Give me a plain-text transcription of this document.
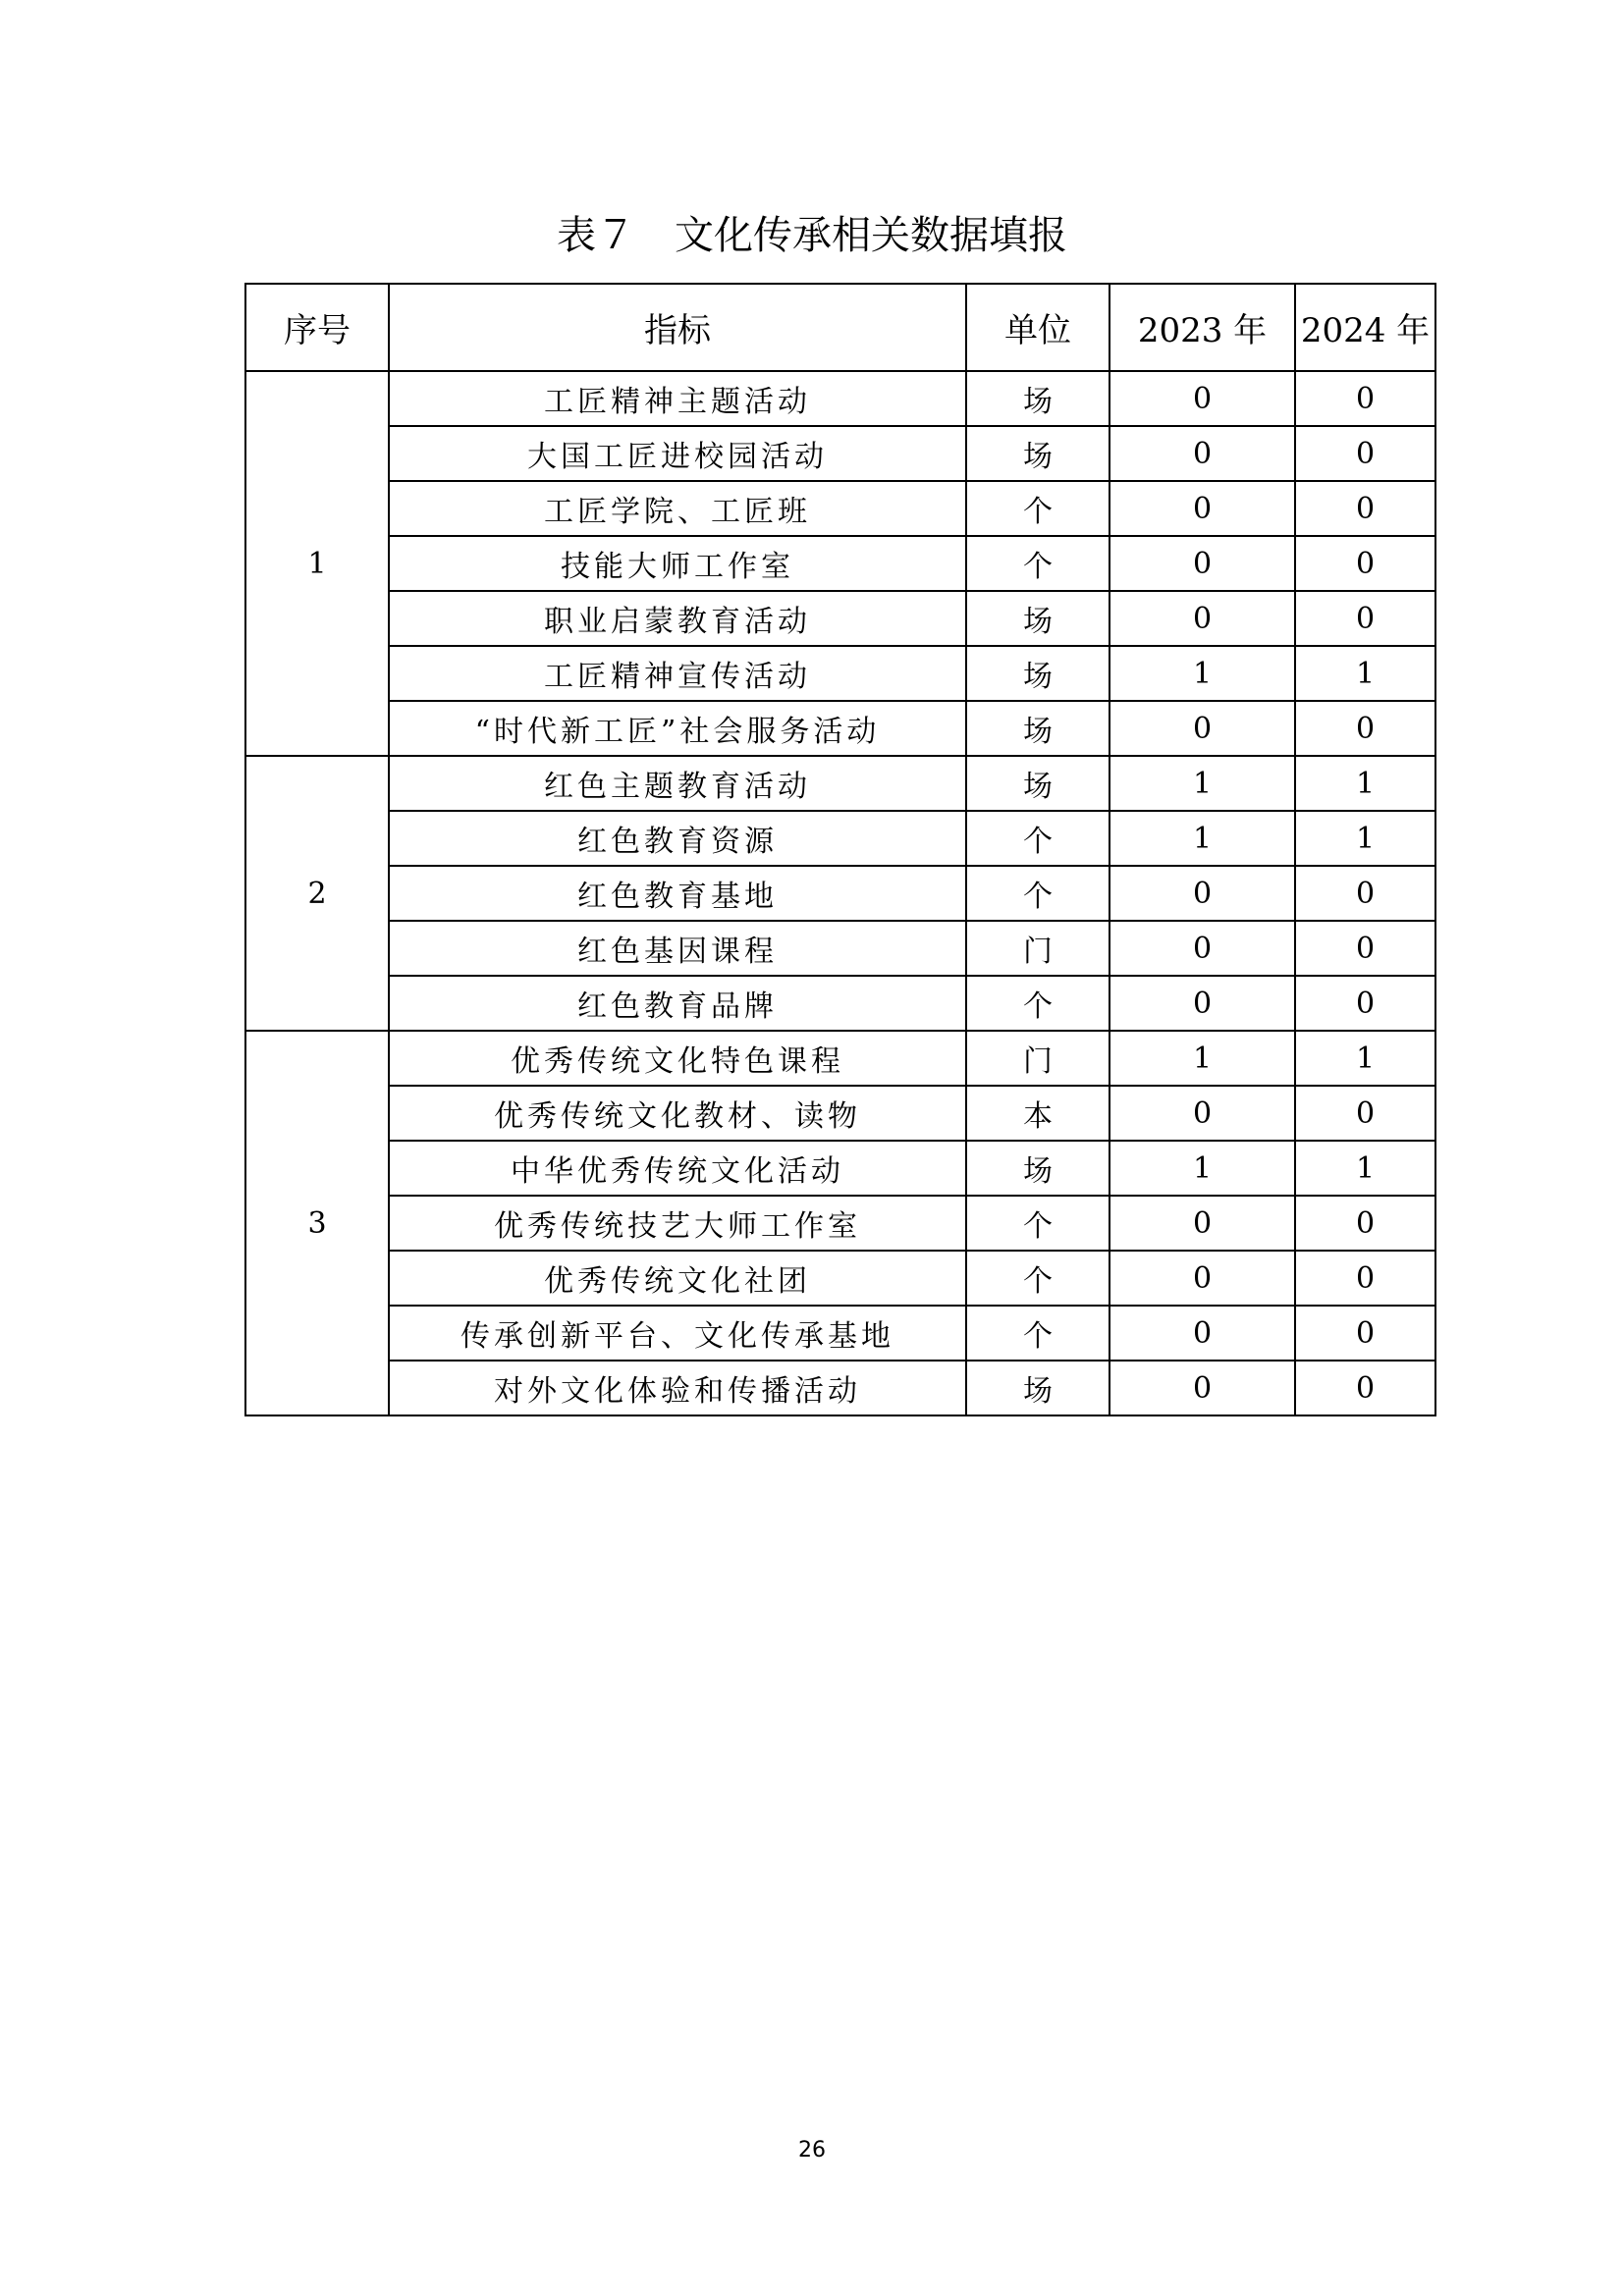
表７　文化传承相关数据填报
序号	指标	单位	2023 年	2024 年
1	工匠精神主题活动	场	0	0
	大国工匠进校园活动	场	0	0
	工匠学院、工匠班	个	0	0
	技能大师工作室	个	0	0
	职业启蒙教育活动	场	0	0
	工匠精神宣传活动	场	1	1
	“时代新工匠”社会服务活动	场	0	0
2	红色主题教育活动	场	1	1
	红色教育资源	个	1	1
	红色教育基地	个	0	0
	红色基因课程	门	0	0
	红色教育品牌	个	0	0
3	优秀传统文化特色课程	门	1	1
	优秀传统文化教材、读物	本	0	0
	中华优秀传统文化活动	场	1	1
	优秀传统技艺大师工作室	个	0	0
	优秀传统文化社团	个	0	0
	传承创新平台、文化传承基地	个	0	0
	对外文化体验和传播活动	场	0	0
26
